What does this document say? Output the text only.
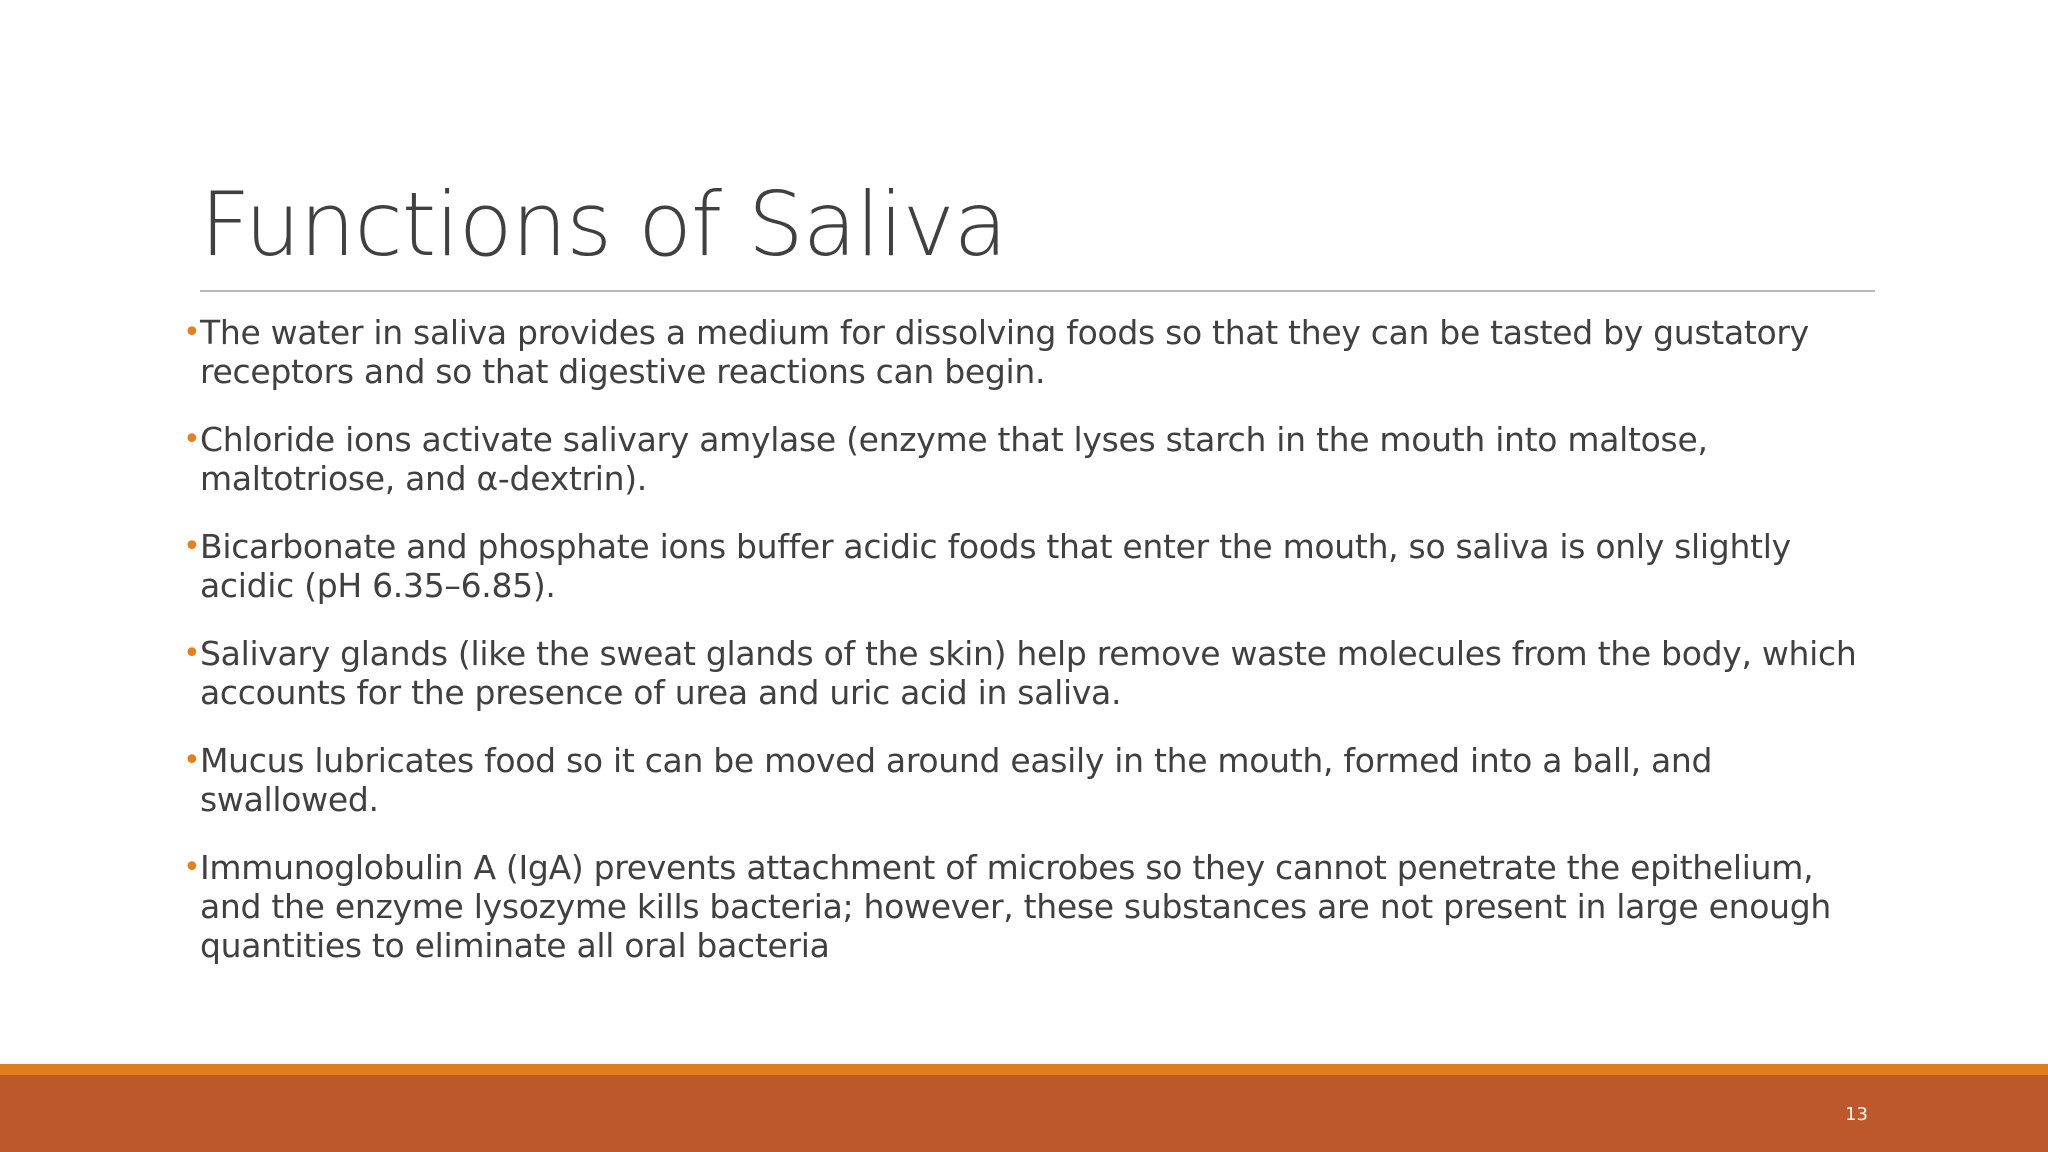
Functions of Saliva
• The water in saliva provides a medium for dissolving foods so that they can be tasted by gustatory receptors and so that digestive reactions can begin.
• Chloride ions activate salivary amylase (enzyme that lyses starch in the mouth into maltose, maltotriose, and α-dextrin).
• Bicarbonate and phosphate ions buffer acidic foods that enter the mouth, so saliva is only slightly acidic (pH 6.35–6.85).
• Salivary glands (like the sweat glands of the skin) help remove waste molecules from the body, which accounts for the presence of urea and uric acid in saliva.
• Mucus lubricates food so it can be moved around easily in the mouth, formed into a ball, and swallowed.
• Immunoglobulin A (IgA) prevents attachment of microbes so they cannot penetrate the epithelium, and the enzyme lysozyme kills bacteria; however, these substances are not present in large enough quantities to eliminate all oral bacteria
13
